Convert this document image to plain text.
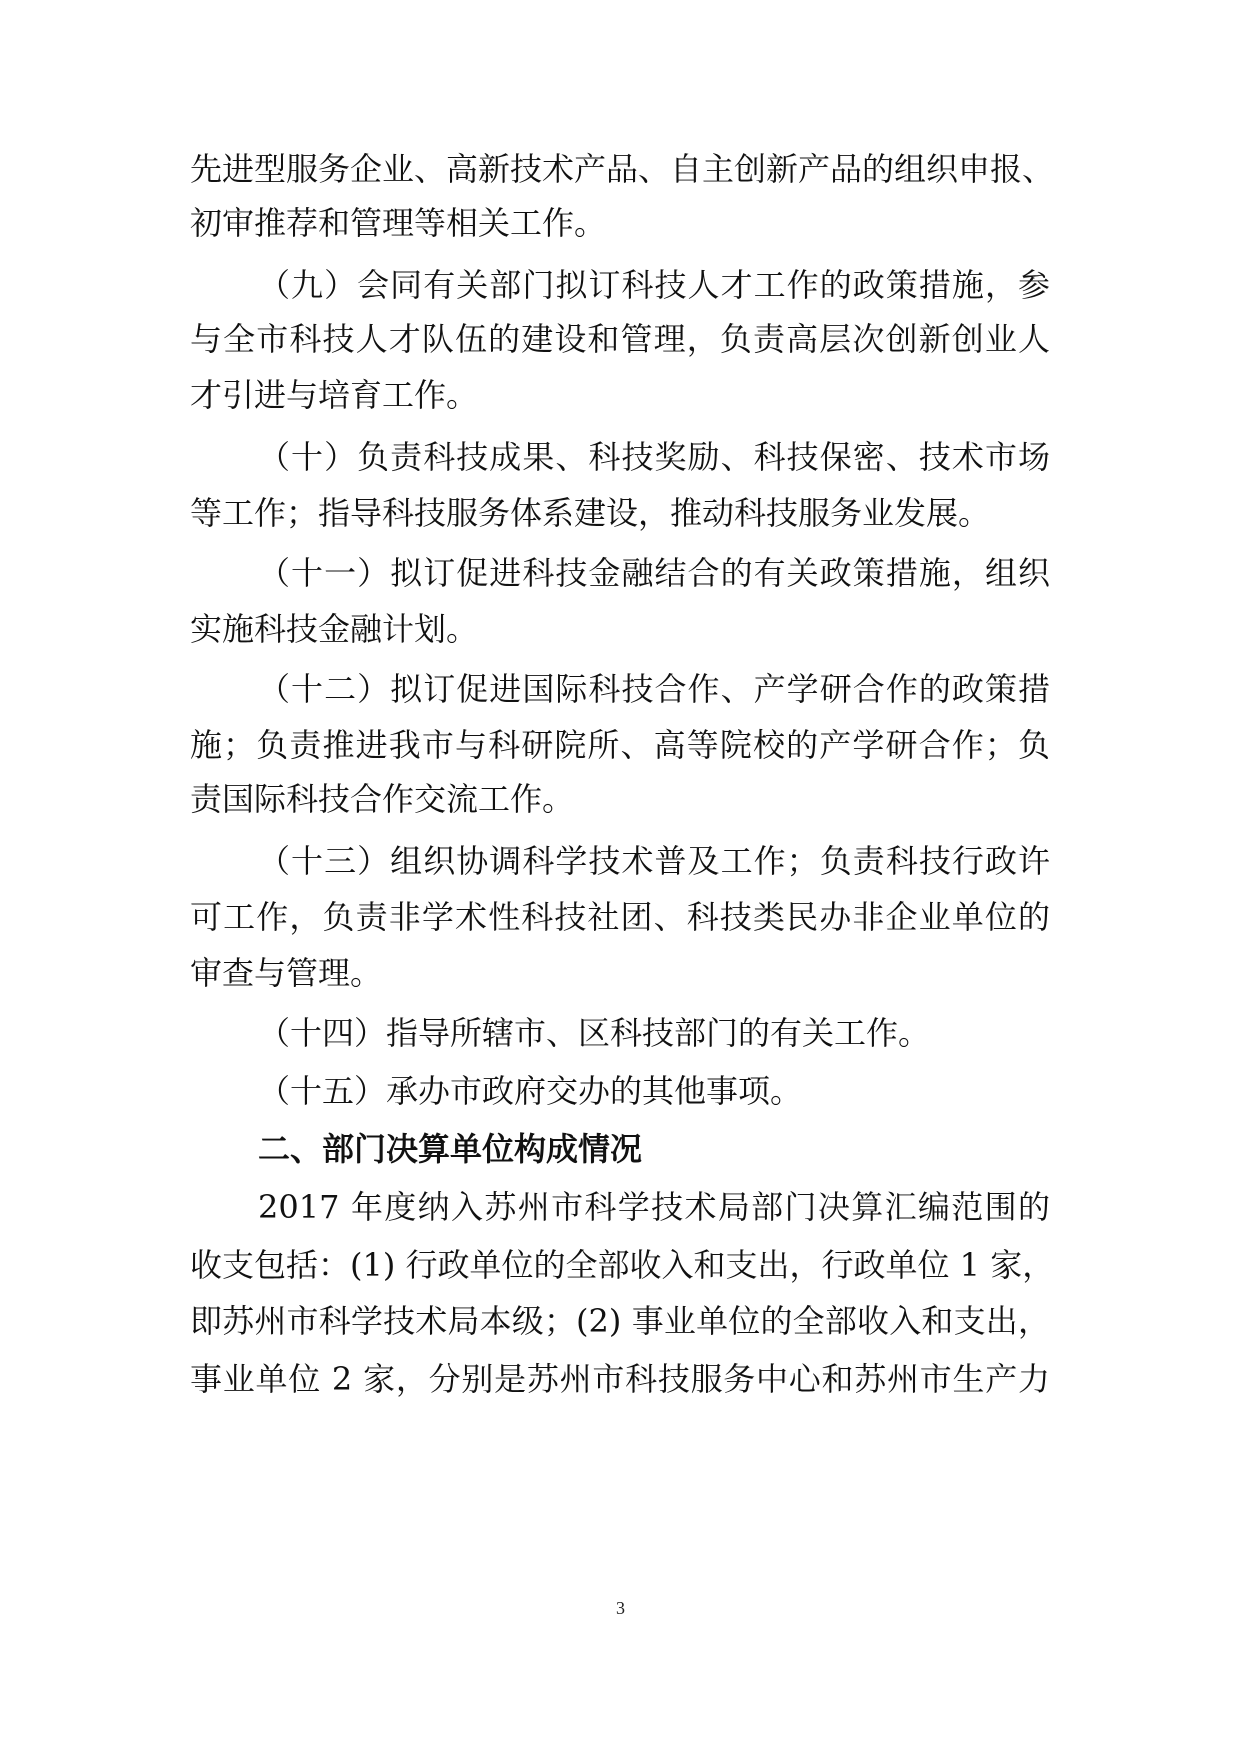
先进型服务企业、高新技术产品、自主创新产品的组织申报、
初审推荐和管理等相关工作。
（九）会同有关部门拟订科技人才工作的政策措施，参
与全市科技人才队伍的建设和管理，负责高层次创新创业人
才引进与培育工作。
（十）负责科技成果、科技奖励、科技保密、技术市场
等工作；指导科技服务体系建设，推动科技服务业发展。
（十一）拟订促进科技金融结合的有关政策措施，组织
实施科技金融计划。
（十二）拟订促进国际科技合作、产学研合作的政策措
施；负责推进我市与科研院所、高等院校的产学研合作；负
责国际科技合作交流工作。
（十三）组织协调科学技术普及工作；负责科技行政许
可工作，负责非学术性科技社团、科技类民办非企业单位的
审查与管理。
（十四）指导所辖市、区科技部门的有关工作。
（十五）承办市政府交办的其他事项。
二、部门决算单位构成情况
2017 年度纳入苏州市科学技术局部门决算汇编范围的
收支包括：(1) 行政单位的全部收入和支出，行政单位 1 家，
即苏州市科学技术局本级；(2) 事业单位的全部收入和支出，
事业单位 2 家，分别是苏州市科技服务中心和苏州市生产力
3
